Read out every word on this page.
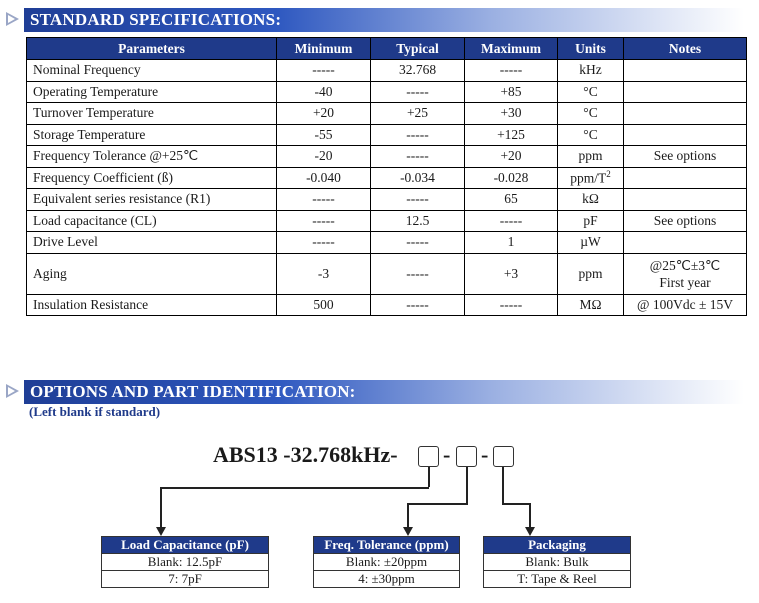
STANDARD SPECIFICATIONS:
Parameters	Minimum	Typical	Maximum	Units	Notes
Nominal Frequency	-----	32.768	-----	kHz	
Operating Temperature	-40	-----	+85	°C	
Turnover Temperature	+20	+25	+30	°C	
Storage Temperature	-55	-----	+125	°C	
Frequency Tolerance @+25℃	-20	-----	+20	ppm	See options
Frequency Coefficient (ß)	-0.040	-0.034	-0.028	ppm/$T^2$	
Equivalent series resistance (R1)	-----	-----	65	kΩ	
Load capacitance (CL)	-----	12.5	-----	pF	See options
Drive Level	-----	-----	1	µW	
Aging	-3	-----	+3	ppm	@25℃±3℃
First year

Insulation Resistance	500	-----	-----	MΩ	@ 100Vdc ± 15V
OPTIONS AND PART IDENTIFICATION:
(Left blank if standard)
ABS13 -32.768kHz- - -
Load Capacitance (pF)
Blank: 12.5pF
7: 7pF
Freq. Tolerance (ppm)
Blank: ±20ppm
4: ±30ppm
Packaging
Blank: Bulk
T: Tape & Reel
